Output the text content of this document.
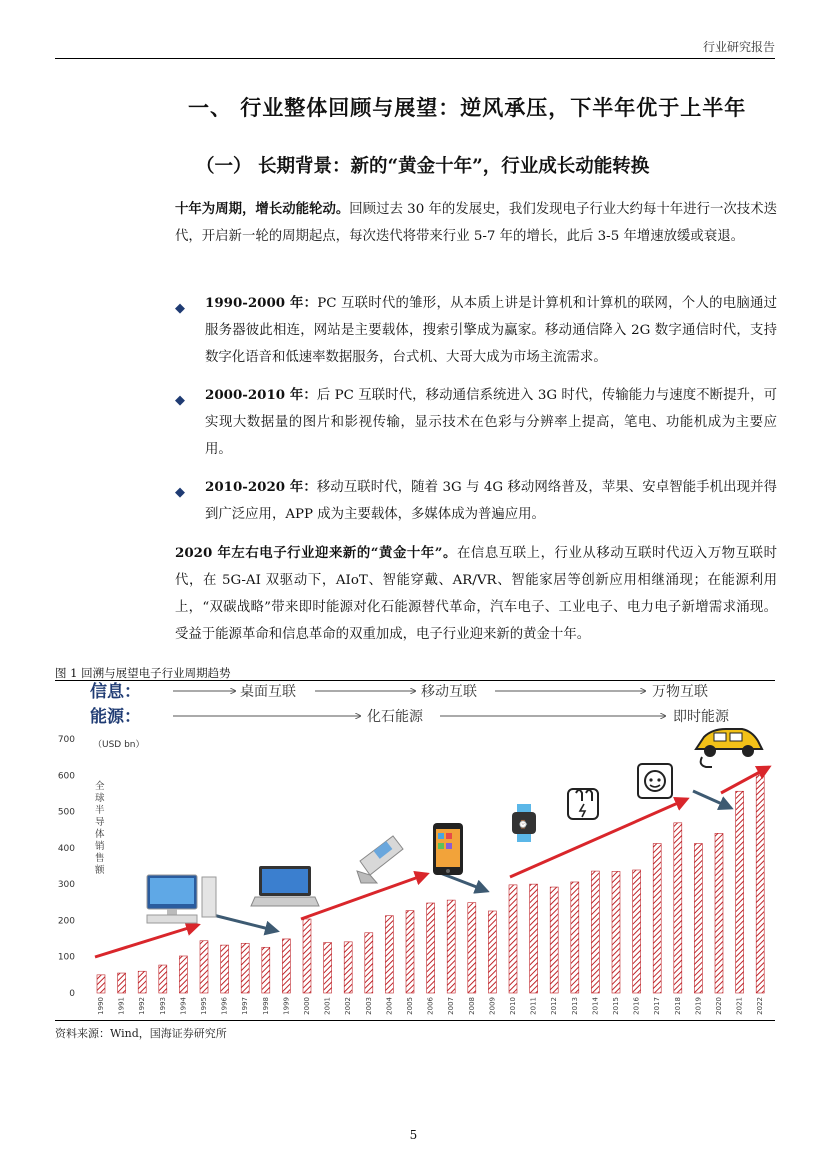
行业研究报告
一、 行业整体回顾与展望：逆风承压，下半年优于上半年
（一） 长期背景：新的“黄金十年”，行业成长动能转换
十年为周期，增长动能轮动。回顾过去 30 年的发展史，我们发现电子行业大约每十年进行一次技术迭代，开启新一轮的周期起点，每次迭代将带来行业 5-7 年的增长，此后 3-5 年增速放缓或衰退。
◆ 1990-2000 年：PC 互联时代的雏形，从本质上讲是计算机和计算机的联网，个人的电脑通过服务器彼此相连，网站是主要载体，搜索引擎成为赢家。移动通信降入 2G 数字通信时代，支持数字化语音和低速率数据服务，台式机、大哥大成为市场主流需求。
◆ 2000-2010 年：后 PC 互联时代，移动通信系统进入 3G 时代，传输能力与速度不断提升，可实现大数据量的图片和影视传输，显示技术在色彩与分辨率上提高，笔电、功能机成为主要应用。
◆ 2010-2020 年：移动互联时代，随着 3G 与 4G 移动网络普及，苹果、安卓智能手机出现并得到广泛应用，APP 成为主要载体，多媒体成为普遍应用。
2020 年左右电子行业迎来新的“黄金十年”。在信息互联上，行业从移动互联时代迈入万物互联时代，在 5G-AI 双驱动下，AIoT、智能穿戴、AR/VR、智能家居等创新应用相继涌现；在能源利用上，“双碳战略”带来即时能源对化石能源替代革命，汽车电子、工业电子、电力电子新增需求涌现。受益于能源革命和信息革命的双重加成，电子行业迎来新的黄金十年。
图 1 回溯与展望电子行业周期趋势
信息：
能源：
桌面互联	移动互联	万物互联
化石能源	即时能源
（USD bn）
全球半导体销售额
0
100
200
300
400
500
600
700
1990 1991 1992 1993 1994 1995 1996 1997 1998 1999 2000 2001 2002 2003 2004 2005 2006 2007 2008 2009 2010 2011 2012 2013 2014 2015 2016 2017 2018 2019 2020 2021 2022
⌚
资料来源：Wind，国海证券研究所
5
